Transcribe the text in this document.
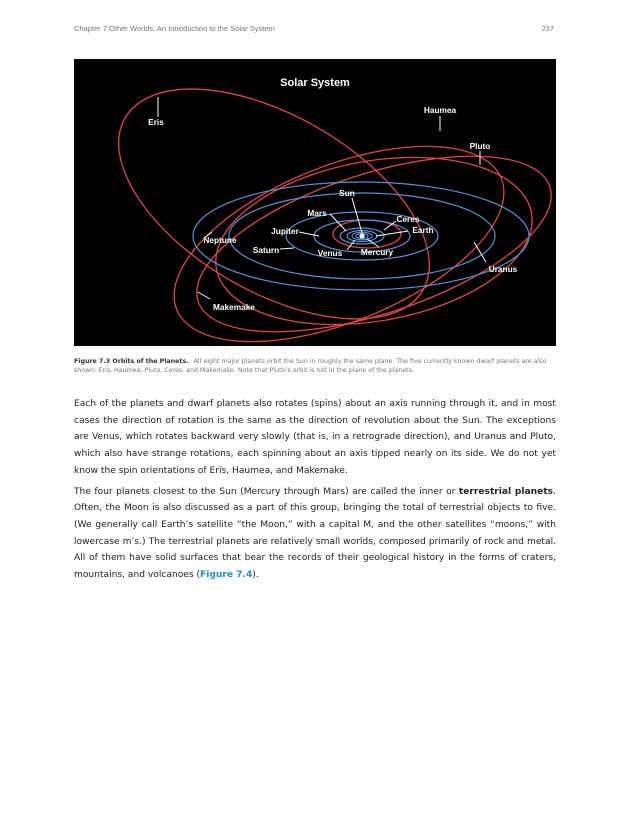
Chapter 7 Other Worlds: An Introduction to the Solar System	237
Solar System
Sun
Mars
Jupiter
Saturn	Venus Mercury
Earth
Ceres
Neptune
Uranus
Pluto
Haumea
Makemake
Eris
Figure 7.3 Orbits of the Planets. All eight major planets orbit the Sun in roughly the same plane. The five currently known dwarf planets are also shown: Eris, Haumea, Pluto, Ceres, and Makemake. Note that Pluto’s orbit is not in the plane of the planets.

Each of the planets and dwarf planets also rotates (spins) about an axis running through it, and in most cases the direction of rotation is the same as the direction of revolution about the Sun. The exceptions are Venus, which rotates backward very slowly (that is, in a retrograde direction), and Uranus and Pluto, which also have strange rotations, each spinning about an axis tipped nearly on its side. We do not yet know the spin orientations of Eris, Haumea, and Makemake.

The four planets closest to the Sun (Mercury through Mars) are called the inner or terrestrial planets. Often, the Moon is also discussed as a part of this group, bringing the total of terrestrial objects to five. (We generally call Earth’s satellite “the Moon,” with a capital M, and the other satellites “moons,” with lowercase m’s.) The terrestrial planets are relatively small worlds, composed primarily of rock and metal. All of them have solid surfaces that bear the records of their geological history in the forms of craters, mountains, and volcanoes (Figure 7.4).
